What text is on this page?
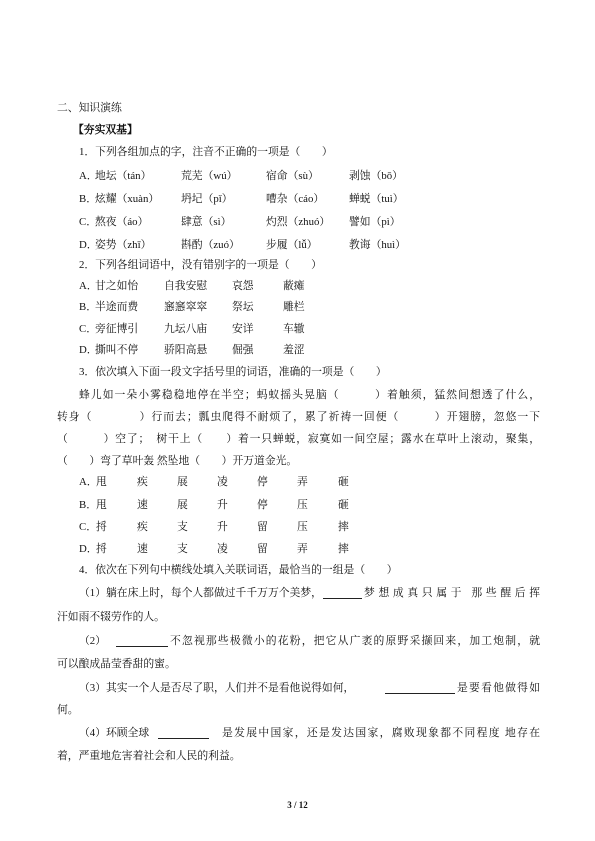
二、知识演练
【夯实双基】
1．下列各组加点的字，注音不正确的一项是（　　）
A．
地坛（tán）	荒芜（wú）	宿命（sù）	剥蚀（bō）
B．
炫耀（xuàn） 坍圮（pǐ）	嘈杂（cáo） 蝉蜕（tuì）
C．
熬夜（áo）	肆意（sì）	灼烈（zhuó） 譬如（pì）
D．
姿势（zhī）	斟酌（zuó） 步履（lǚ）	教诲（huì）
2．下列各组词语中，没有错别字的一项是（　　）
A．
甘之如怡 自我安慰 哀怨	蔽瘫
B．
半途而费 窸窸窣窣 祭坛	雕栏
C．
旁征博引 九坛八庙 安详	车辙
D．
撕叫不停 骄阳高悬 倔强	羞涩
3．依次填入下面一段文字括号里的词语，准确的一项是（　　）
蜂儿如一朵小雾稳稳地停在半空；蚂蚁摇头晃脑（　　　）着触须，猛然间想透了什么，
转身（　　　　）行而去；瓢虫爬得不耐烦了，累了祈祷一回便（　　　）开翅膀，忽悠一下
（　　　）空了；　树干上（　　）着一只蝉蜕，寂寞如一间空屋；露水在草叶上滚动，聚集，
（　　）弯了草叶轰 然坠地（　　）开万道金光。
A．
甩	疾	展	凌	停	弄	砸
B． 甩	速	展	升	停	压	砸
C． 捋	疾	支	升	留	压	摔
D．
捋	速	支	凌	留	弄	摔
4．依次在下列句中横线处填入关联词语，最恰当的一组是（　　）
（1）躺在床上时，每个人都做过千千万万个美梦，	梦想成真只属于 那些醒后挥
汗如雨不辍劳作的人。
（2）	不忽视那些极微小的花粉，把它从广袤的原野采撷回来，加工炮制，就
可以酿成晶莹香甜的蜜。
（3）其实一个人是否尽了职，人们并不是看他说得如何，	是要看他做得如
何。
（4）环顾全球	是发展中国家，还是发达国家，腐败现象都不同程度 地存在
着，严重地危害着社会和人民的利益。
3 / 12
